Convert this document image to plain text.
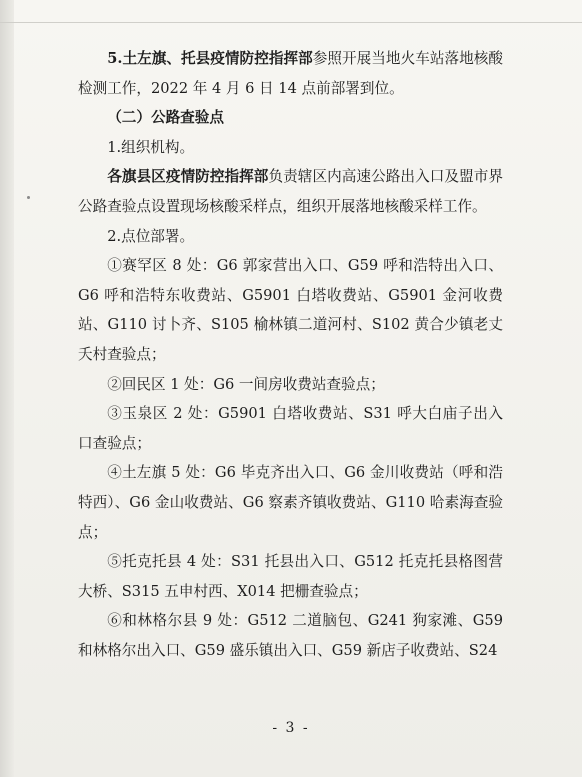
5.土左旗、托县疫情防控指挥部参照开展当地火车站落地核酸检测工作，2022 年 4 月 6 日 14 点前部署到位。

（二）公路查验点

1.组织机构。

各旗县区疫情防控指挥部负责辖区内高速公路出入口及盟市界公路查验点设置现场核酸采样点，组织开展落地核酸采样工作。

2.点位部署。

①赛罕区 8 处：G6 郭家营出入口、G59 呼和浩特出入口、G6 呼和浩特东收费站、G5901 白塔收费站、G5901 金河收费站、G110 讨卜齐、S105 榆林镇二道河村、S102 黄合少镇老丈夭村查验点；

②回民区 1 处：G6 一间房收费站查验点；

③玉泉区 2 处：G5901 白塔收费站、S31 呼大白庙子出入口查验点；

④土左旗 5 处：G6 毕克齐出入口、G6 金川收费站（呼和浩特西）、G6 金山收费站、G6 察素齐镇收费站、G110 哈素海查验点；

⑤托克托县 4 处：S31 托县出入口、G512 托克托县格图营大桥、S315 五申村西、X014 把栅查验点；

⑥和林格尔县 9 处：G512 二道脑包、G241 狗家滩、G59 和林格尔出入口、G59 盛乐镇出入口、G59 新店子收费站、S24

- 3 -
